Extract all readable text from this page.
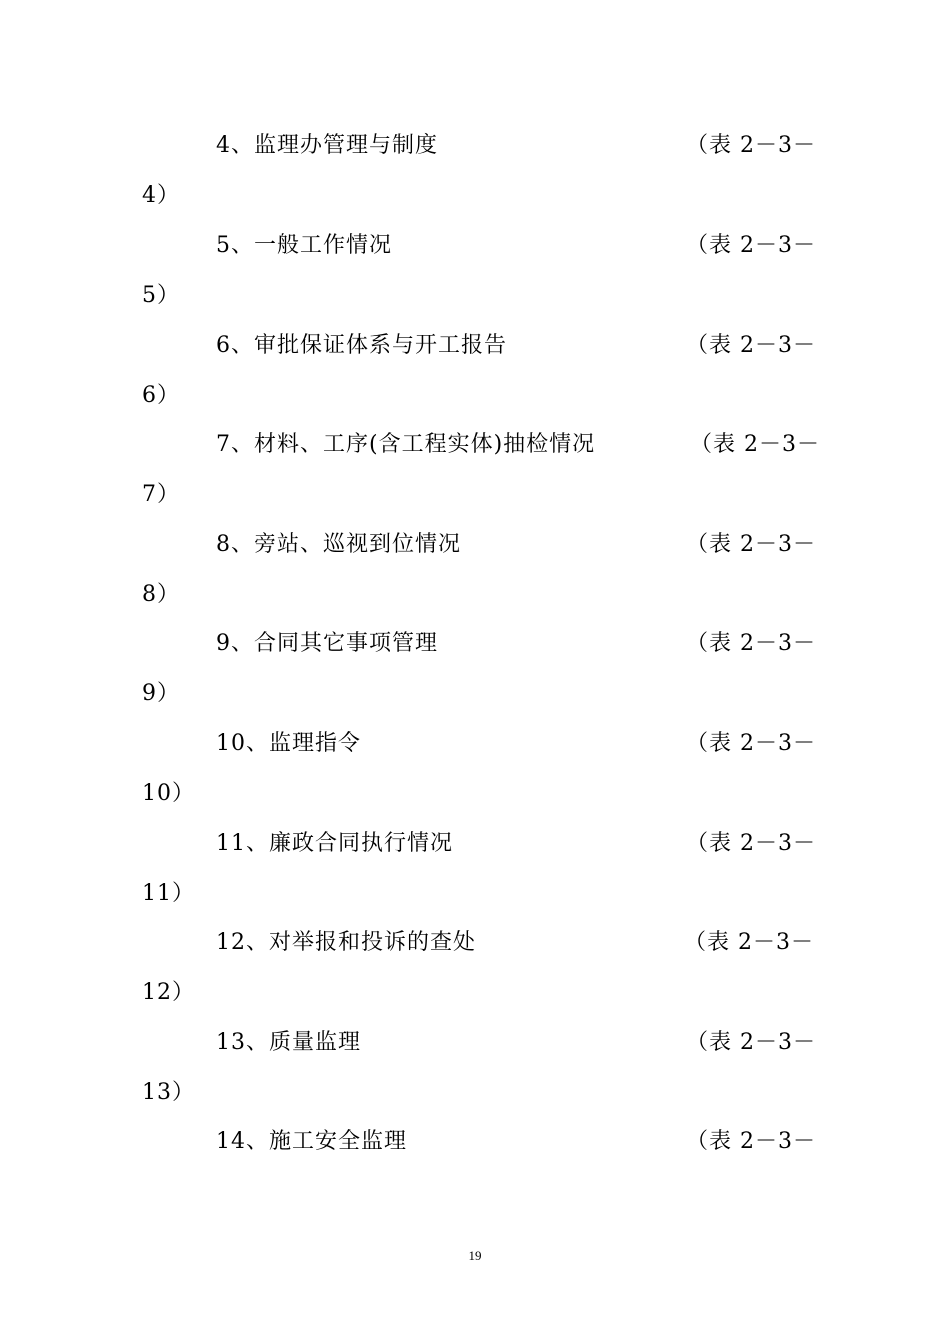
4、监理办管理与制度	（表 2－3－
4）
5、一般工作情况	（表 2－3－
5）
6、审批保证体系与开工报告	（表 2－3－
6）
7、材料、工序(含工程实体)抽检情况	（表 2－3－
7）
8、旁站、巡视到位情况	（表 2－3－
8）
9、合同其它事项管理	（表 2－3－
9）
10、监理指令	（表 2－3－
10）
11、廉政合同执行情况	（表 2－3－
11）
12、对举报和投诉的查处	（表 2－3－
12）
13、质量监理	（表 2－3－
13）
14、施工安全监理	（表 2－3－
19
